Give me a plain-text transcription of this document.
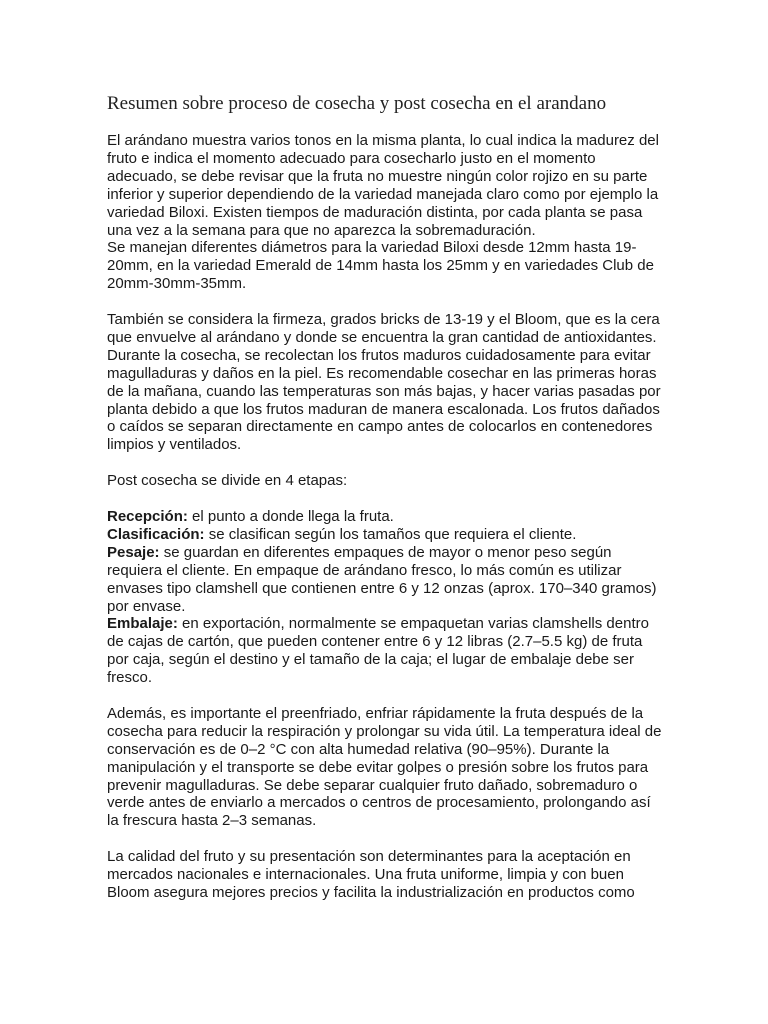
Resumen sobre proceso de cosecha y post cosecha en el arandano

El arándano muestra varios tonos en la misma planta, lo cual indica la madurez del fruto e indica el momento adecuado para cosecharlo justo en el momento adecuado, se debe revisar que la fruta no muestre ningún color rojizo en su parte inferior y superior dependiendo de la variedad manejada claro como por ejemplo la variedad Biloxi. Existen tiempos de maduración distinta, por cada planta se pasa una vez a la semana para que no aparezca la sobremaduración.

Se manejan diferentes diámetros para la variedad Biloxi desde 12mm hasta 19-20mm, en la variedad Emerald de 14mm hasta los 25mm y en variedades Club de 20mm-30mm-35mm.

También se considera la firmeza, grados bricks de 13-19 y el Bloom, que es la cera que envuelve al arándano y donde se encuentra la gran cantidad de antioxidantes. Durante la cosecha, se recolectan los frutos maduros cuidadosamente para evitar magulladuras y daños en la piel. Es recomendable cosechar en las primeras horas de la mañana, cuando las temperaturas son más bajas, y hacer varias pasadas por planta debido a que los frutos maduran de manera escalonada. Los frutos dañados o caídos se separan directamente en campo antes de colocarlos en contenedores limpios y ventilados.

Post cosecha se divide en 4 etapas:

Recepción: el punto a donde llega la fruta.

Clasificación: se clasifican según los tamaños que requiera el cliente.

Pesaje: se guardan en diferentes empaques de mayor o menor peso según requiera el cliente. En empaque de arándano fresco, lo más común es utilizar envases tipo clamshell que contienen entre 6 y 12 onzas (aprox. 170–340 gramos) por envase.

Embalaje: en exportación, normalmente se empaquetan varias clamshells dentro de cajas de cartón, que pueden contener entre 6 y 12 libras (2.7–5.5 kg) de fruta por caja, según el destino y el tamaño de la caja; el lugar de embalaje debe ser fresco.

Además, es importante el preenfriado, enfriar rápidamente la fruta después de la cosecha para reducir la respiración y prolongar su vida útil. La temperatura ideal de conservación es de 0–2 °C con alta humedad relativa (90–95%). Durante la manipulación y el transporte se debe evitar golpes o presión sobre los frutos para prevenir magulladuras. Se debe separar cualquier fruto dañado, sobremaduro o verde antes de enviarlo a mercados o centros de procesamiento, prolongando así la frescura hasta 2–3 semanas.

La calidad del fruto y su presentación son determinantes para la aceptación en mercados nacionales e internacionales. Una fruta uniforme, limpia y con buen Bloom asegura mejores precios y facilita la industrialización en productos como
